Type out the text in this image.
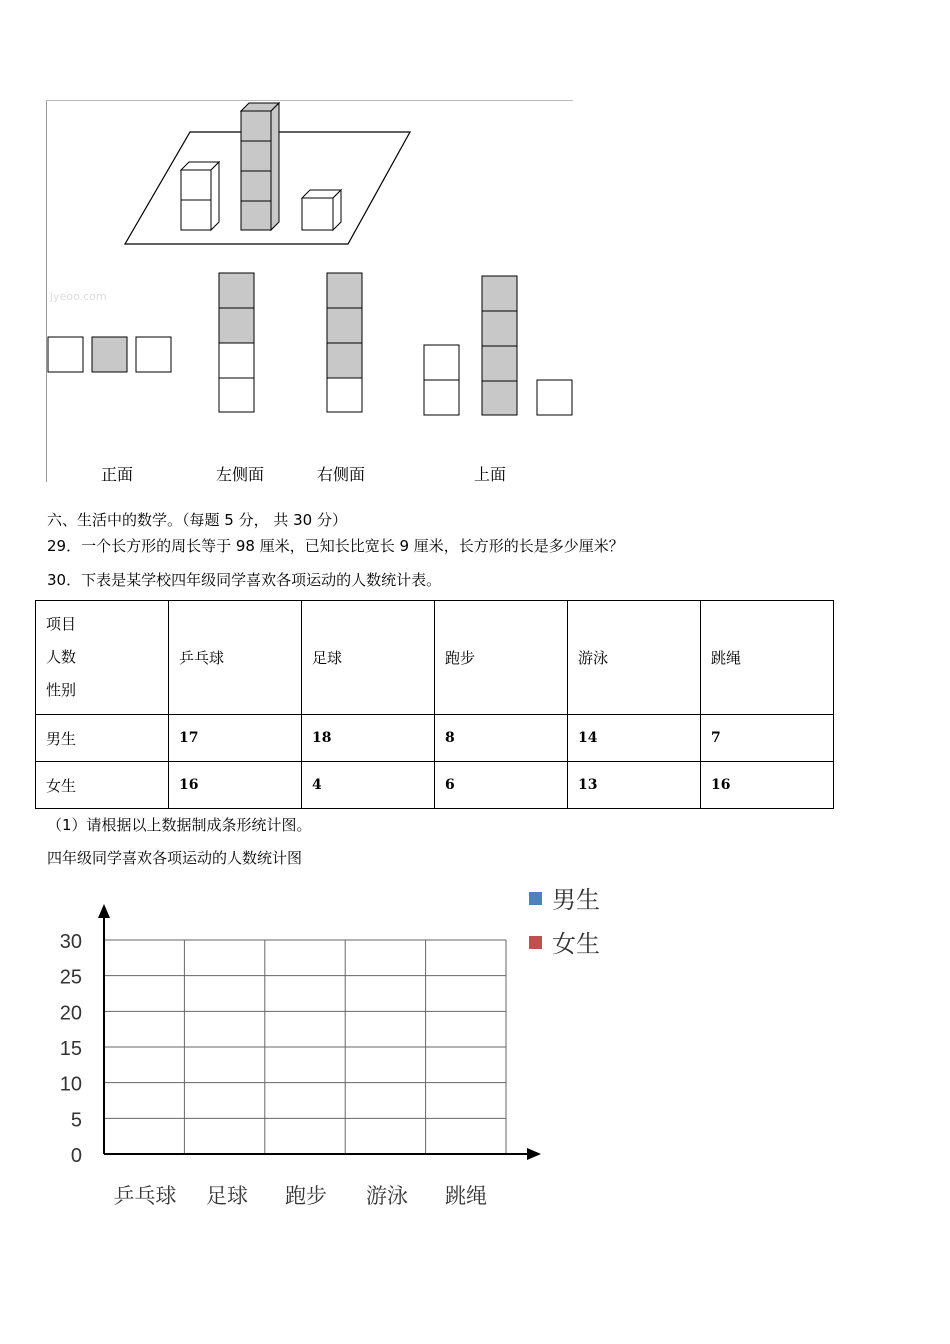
jyeoo.com
正面	左侧面	右侧面	上面
六、生活中的数学。（每题 5 分， 共 30 分）
29．一个长方形的周长等于 98 厘米，已知长比宽长 9 厘米，长方形的长是多少厘米？
30．下表是某学校四年级同学喜欢各项运动的人数统计表。
项目
人数
性别	乒乓球	足球	跑步	游泳	跳绳
男生	17	18	8	14	7
女生	16	4	6	13	16
（1）请根据以上数据制成条形统计图。
四年级同学喜欢各项运动的人数统计图
0
5
10
15
20
25
30
乒乓球 足球 跑步 游泳 跳绳
男生
女生
